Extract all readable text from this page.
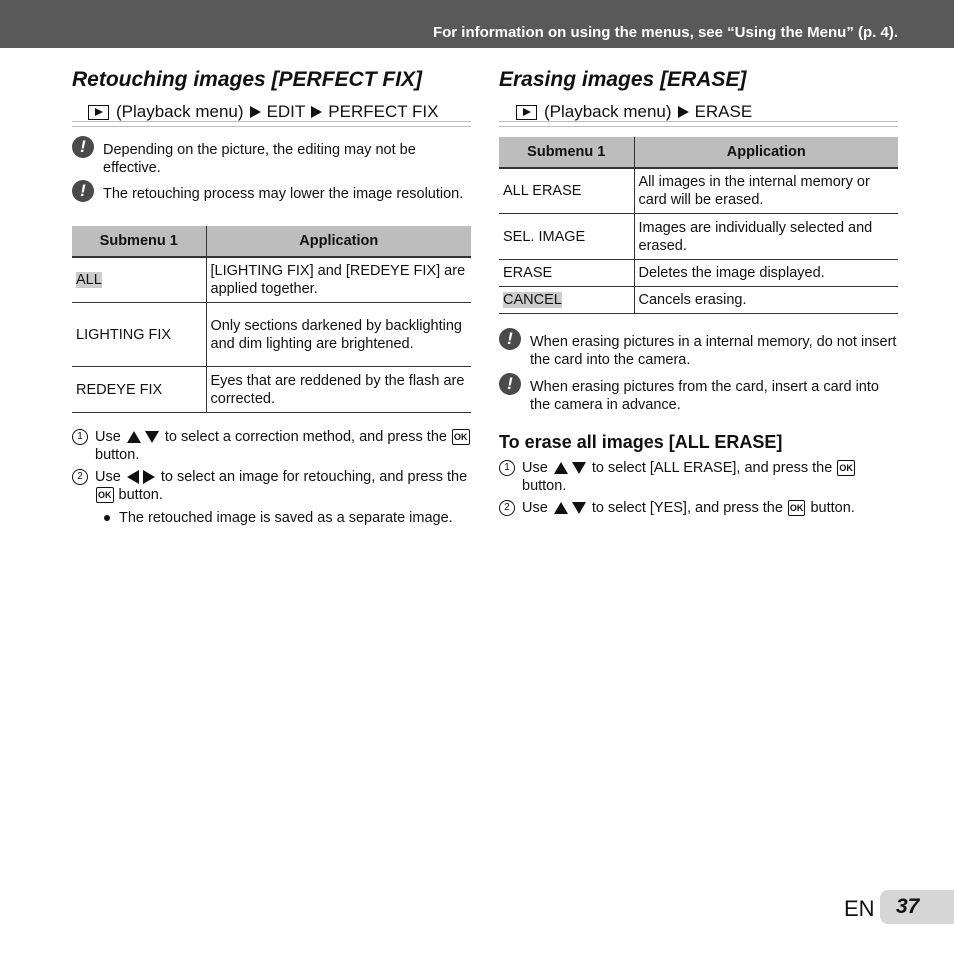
For information on using the menus, see “Using the Menu” (p. 4).
Retouching images [PERFECT FIX]
(Playback menu) EDIT PERFECT FIX
!	Depending on the picture, the editing may not be effective.
!	The retouching process may lower the image resolution.
Submenu 1	Application
ALL	[LIGHTING FIX] and [REDEYE FIX] are applied together.
LIGHTING FIX	Only sections darkened by backlighting and dim lighting are brightened.
REDEYE FIX	Eyes that are reddened by the flash are corrected.
1 Use	to select a correction method, and press the OK button.
2 Use	to select an image for retouching, and press the OK button.
The retouched image is saved as a separate image.
Erasing images [ERASE]
(Playback menu) ERASE
Submenu 1	Application
ALL ERASE	All images in the internal memory or card will be erased.
SEL. IMAGE	Images are individually selected and erased.
ERASE	Deletes the image displayed.
CANCEL	Cancels erasing.
!	When erasing pictures in a internal memory, do not insert the card into the camera.
!	When erasing pictures from the card, insert a card into the camera in advance.
To erase all images [ALL ERASE]
1 Use	to select [ALL ERASE], and press the OK button.
2 Use	to select [YES], and press the OK button.
EN	37
